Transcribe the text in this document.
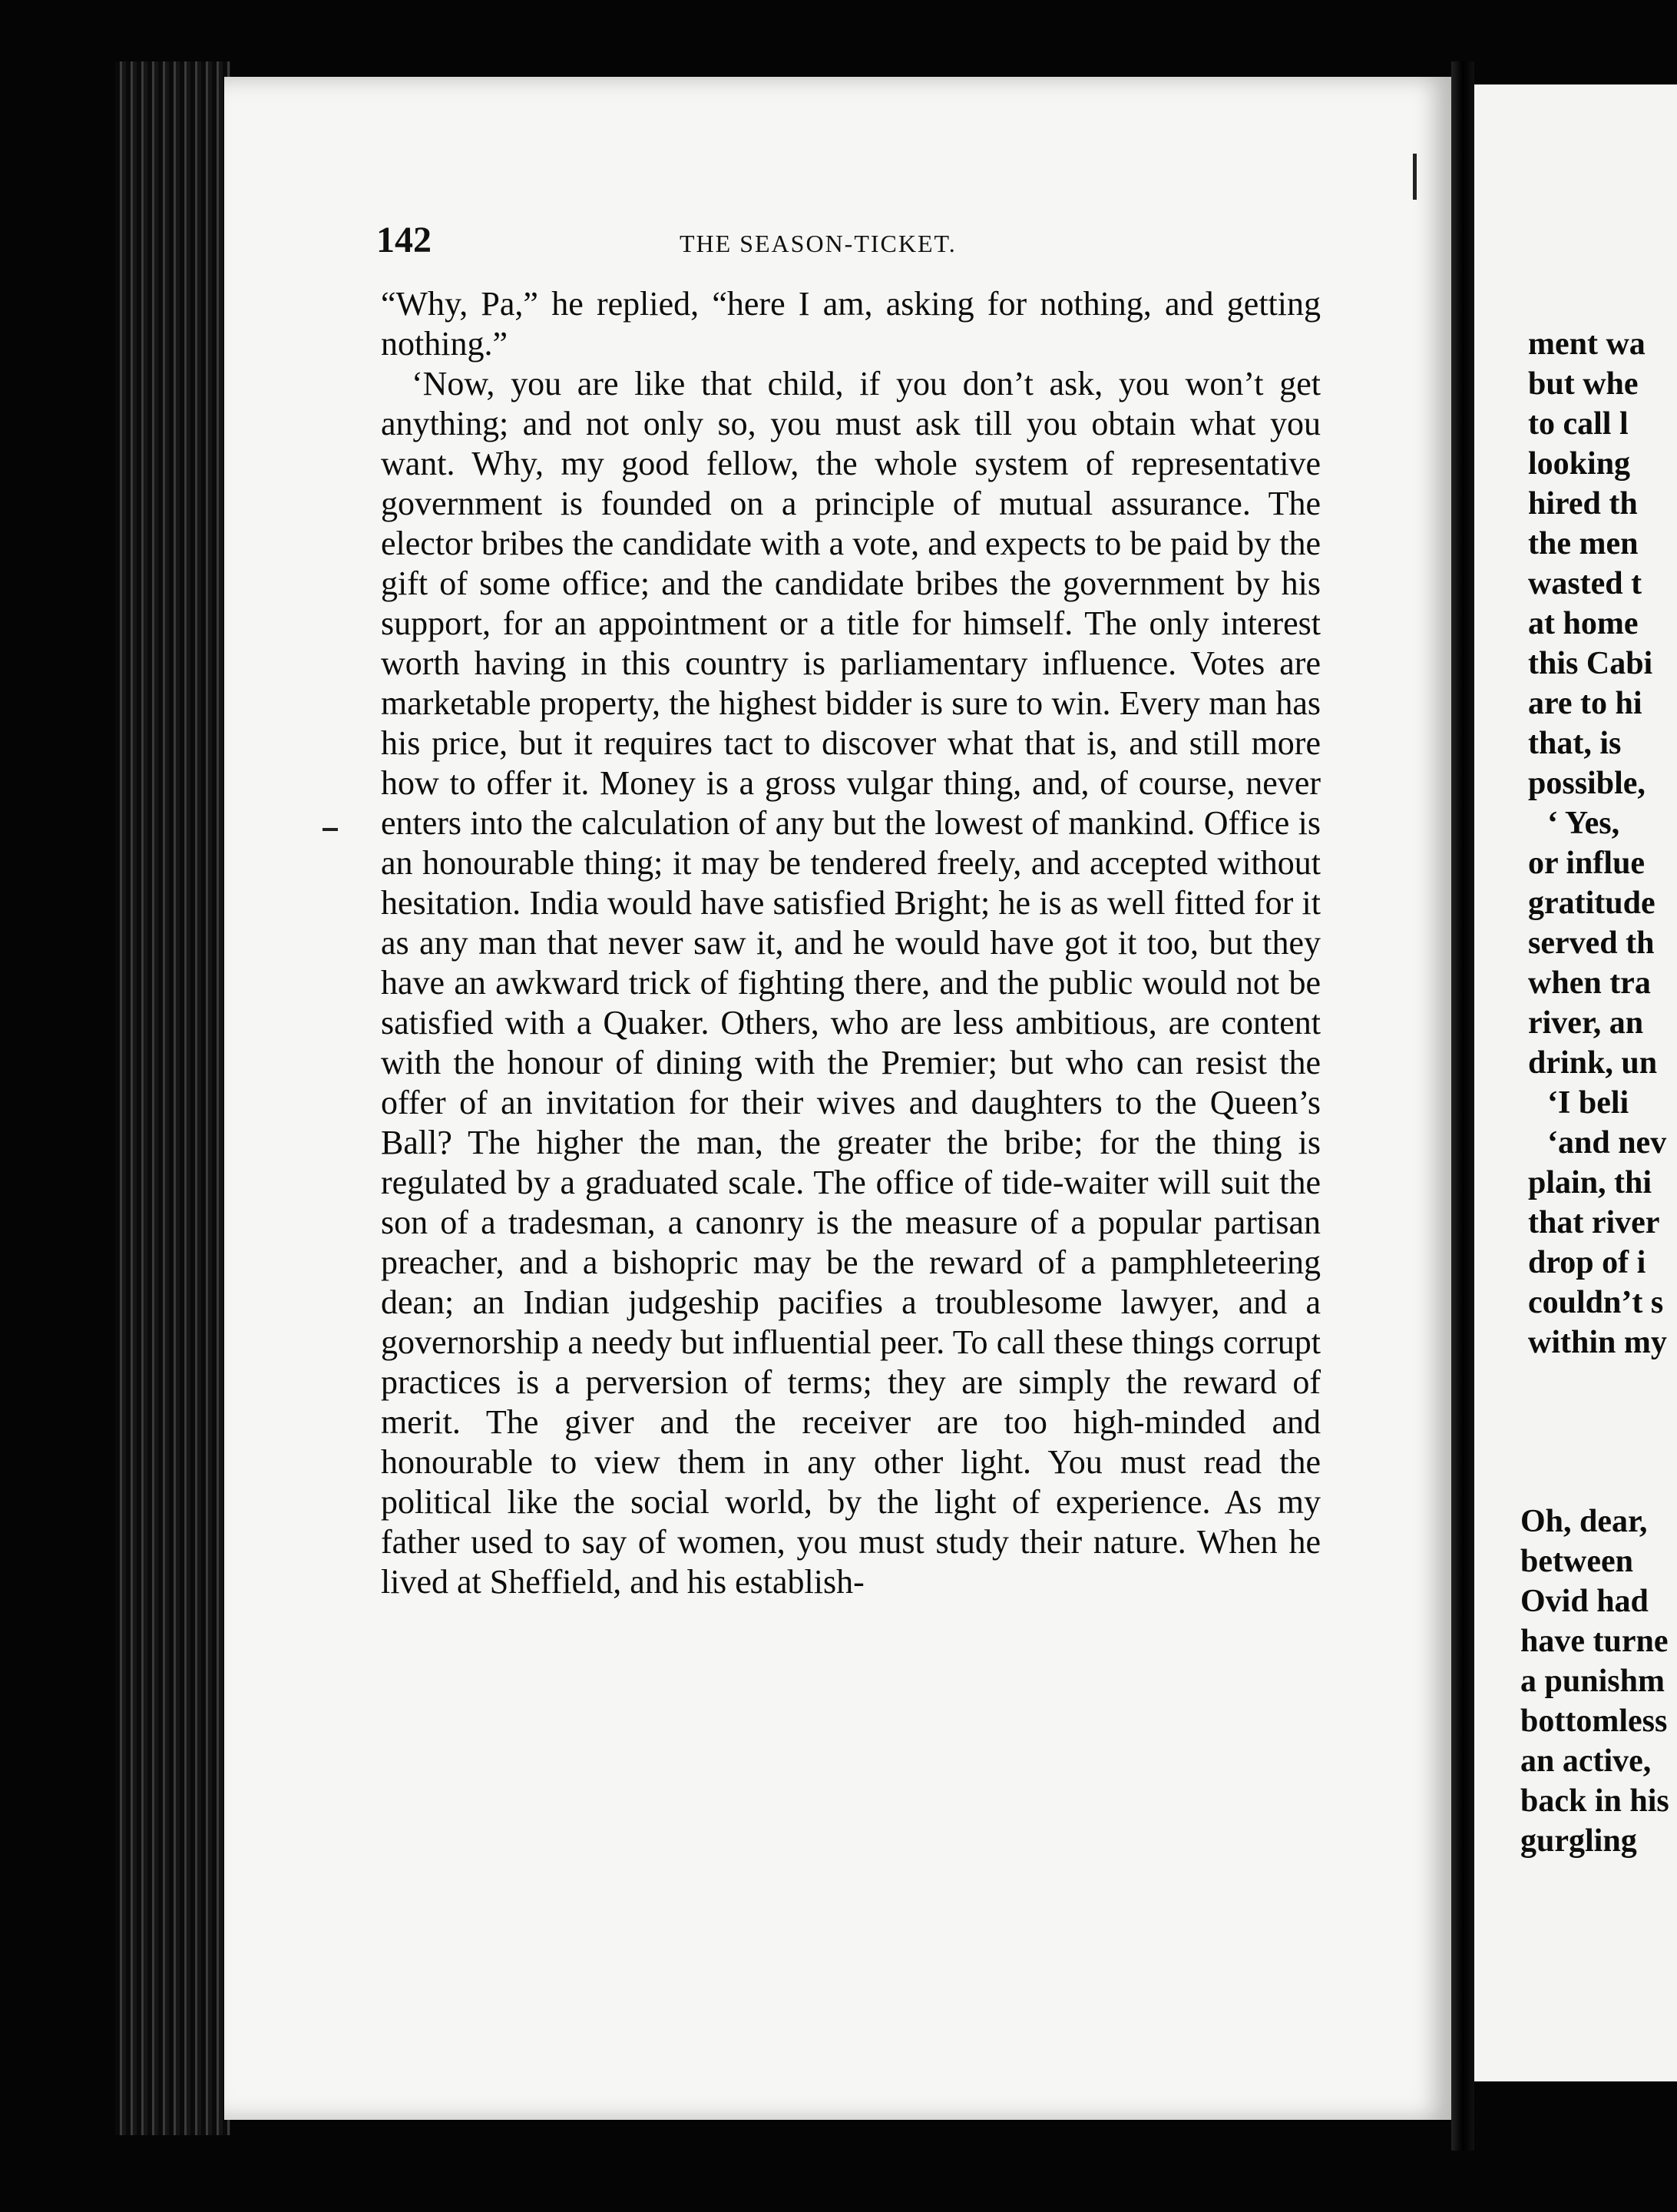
142	THE SEASON-TICKET.

“Why, Pa,” he replied, “here I am, asking for nothing, and getting nothing.”

‘Now, you are like that child, if you don’t ask, you won’t get anything; and not only so, you must ask till you obtain what you want. Why, my good fellow, the whole system of representative government is founded on a principle of mutual assurance. The elector bribes the candidate with a vote, and expects to be paid by the gift of some office; and the candidate bribes the government by his support, for an appointment or a title for himself. The only interest worth having in this country is parliamentary influence. Votes are marketable property, the highest bidder is sure to win. Every man has his price, but it requires tact to discover what that is, and still more how to offer it. Money is a gross vulgar thing, and, of course, never enters into the calculation of any but the lowest of mankind. Office is an honourable thing; it may be tendered freely, and accepted without hesitation. India would have satisfied Bright; he is as well fitted for it as any man that never saw it, and he would have got it too, but they have an awkward trick of fighting there, and the public would not be satisfied with a Quaker. Others, who are less ambitious, are content with the honour of dining with the Premier; but who can resist the offer of an invitation for their wives and daughters to the Queen’s Ball? The higher the man, the greater the bribe; for the thing is regulated by a graduated scale. The office of tide-waiter will suit the son of a tradesman, a canonry is the measure of a popular partisan preacher, and a bishopric may be the reward of a pamphleteering dean; an Indian judgeship pacifies a troublesome lawyer, and a governorship a needy but influential peer. To call these things corrupt practices is a perversion of terms; they are simply the reward of merit. The giver and the receiver are too high-minded and honourable to view them in any other light. You must read the political like the social world, by the light of experience. As my father used to say of women, you must study their nature. When he lived at Sheffield, and his establish-

ment wa
but whe
to call l
looking
hired th
the men
wasted t
at home
this Cabi
are to hi
that, is
possible,
‘ Yes,
or influe
gratitude
served th
when tra
river, an
drink, un
‘I beli
‘and nev
plain, thi
that river
drop of i
couldn’t s
within my
Oh, dear,
between
Ovid had
have turne
a punishm
bottomless
an active,
back in his
gurgling
